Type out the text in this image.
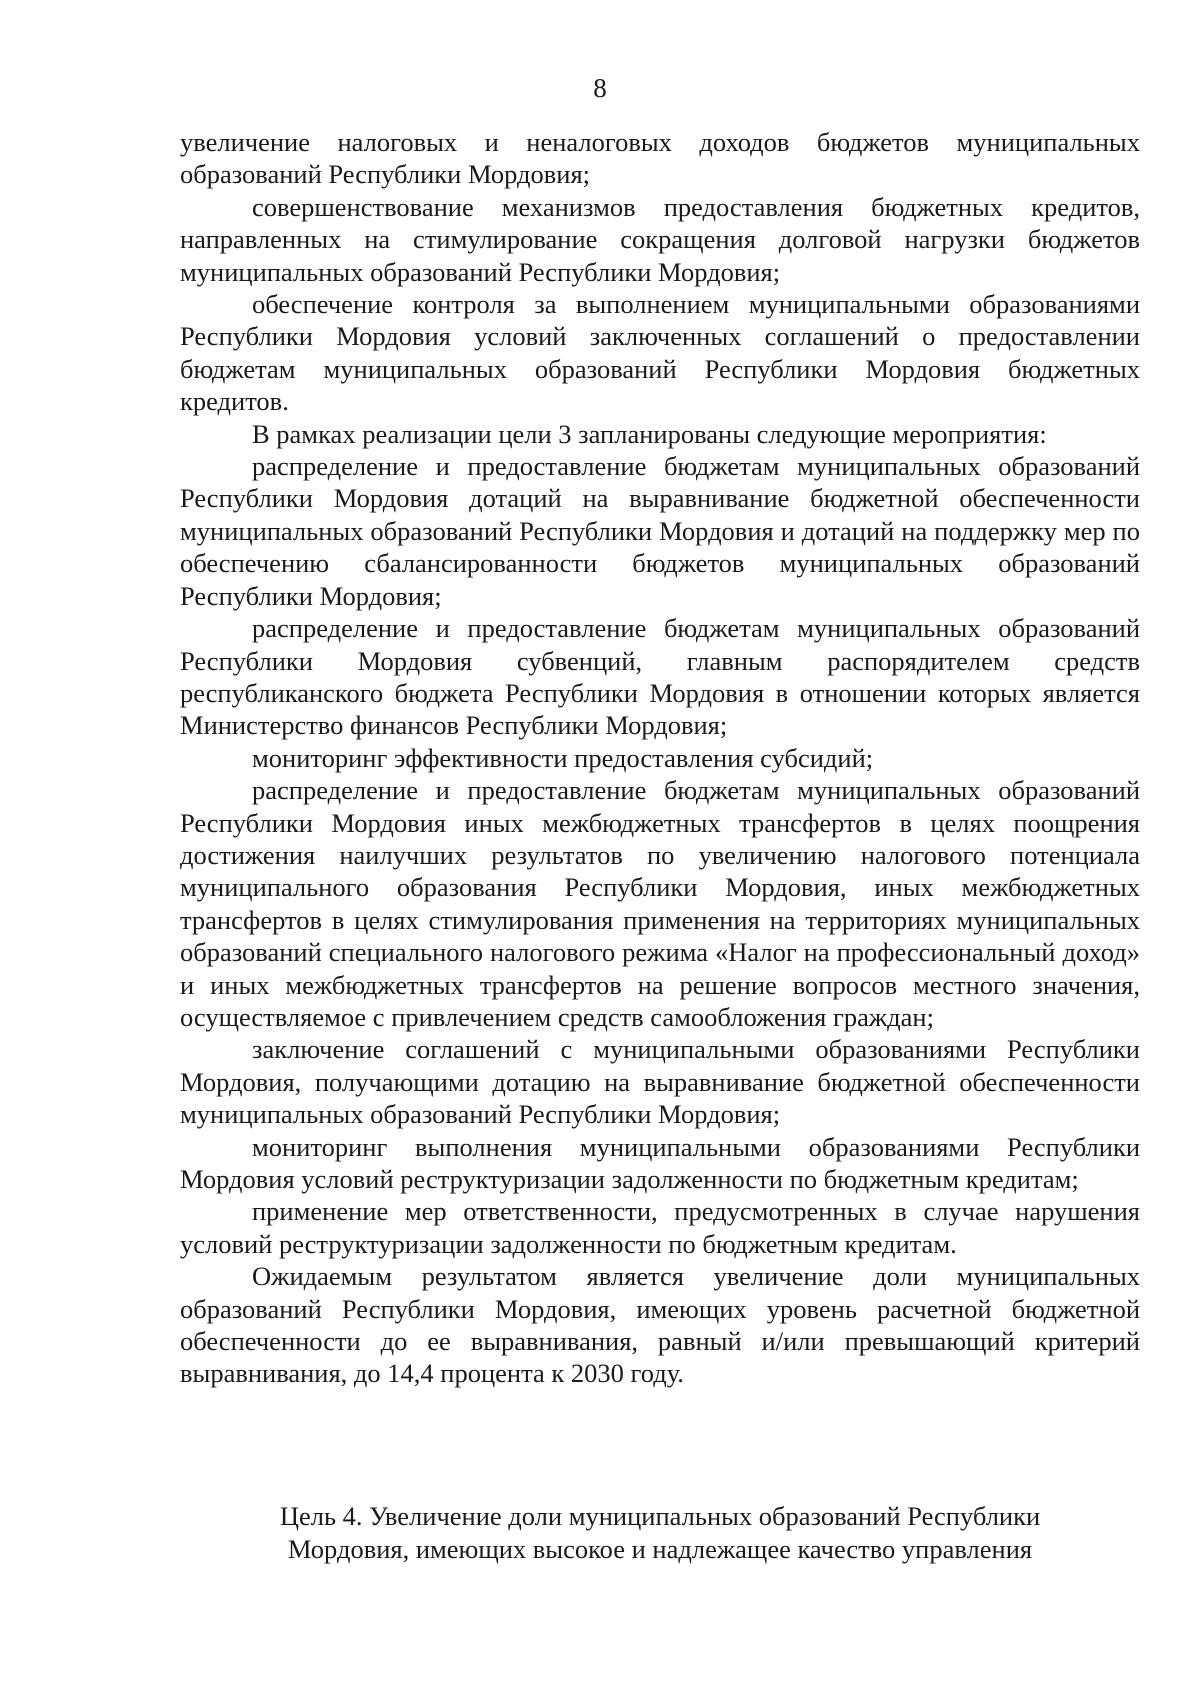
8

увеличение налоговых и неналоговых доходов бюджетов муниципальных образований Республики Мордовия;

совершенствование механизмов предоставления бюджетных кредитов, направленных на стимулирование сокращения долговой нагрузки бюджетов муниципальных образований Республики Мордовия;

обеспечение контроля за выполнением муниципальными образованиями Республики Мордовия условий заключенных соглашений о предоставлении бюджетам муниципальных образований Республики Мордовия бюджетных кредитов.

В рамках реализации цели 3 запланированы следующие мероприятия:

распределение и предоставление бюджетам муниципальных образований Республики Мордовия дотаций на выравнивание бюджетной обеспеченности муниципальных образований Республики Мордовия и дотаций на поддержку мер по обеспечению сбалансированности бюджетов муниципальных образований Республики Мордовия;

распределение и предоставление бюджетам муниципальных образований Республики Мордовия субвенций, главным распорядителем средств республиканского бюджета Республики Мордовия в отношении которых является Министерство финансов Республики Мордовия;

мониторинг эффективности предоставления субсидий;

распределение и предоставление бюджетам муниципальных образований Республики Мордовия иных межбюджетных трансфертов в целях поощрения достижения наилучших результатов по увеличению налогового потенциала муниципального образования Республики Мордовия, иных межбюджетных трансфертов в целях стимулирования применения на территориях муниципальных образований специального налогового режима «Налог на профессиональный доход» и иных межбюджетных трансфертов на решение вопросов местного значения, осуществляемое с привлечением средств самообложения граждан;

заключение соглашений с муниципальными образованиями Республики Мордовия, получающими дотацию на выравнивание бюджетной обеспеченности муниципальных образований Республики Мордовия;

мониторинг выполнения муниципальными образованиями Республики Мордовия условий реструктуризации задолженности по бюджетным кредитам;

применение мер ответственности, предусмотренных в случае нарушения условий реструктуризации задолженности по бюджетным кредитам.

Ожидаемым результатом является увеличение доли муниципальных образований Республики Мордовия, имеющих уровень расчетной бюджетной обеспеченности до ее выравнивания, равный и/или превышающий критерий выравнивания, до 14,4 процента к 2030 году.

Цель 4. Увеличение доли муниципальных образований Республики
Мордовия, имеющих высокое и надлежащее качество управления
